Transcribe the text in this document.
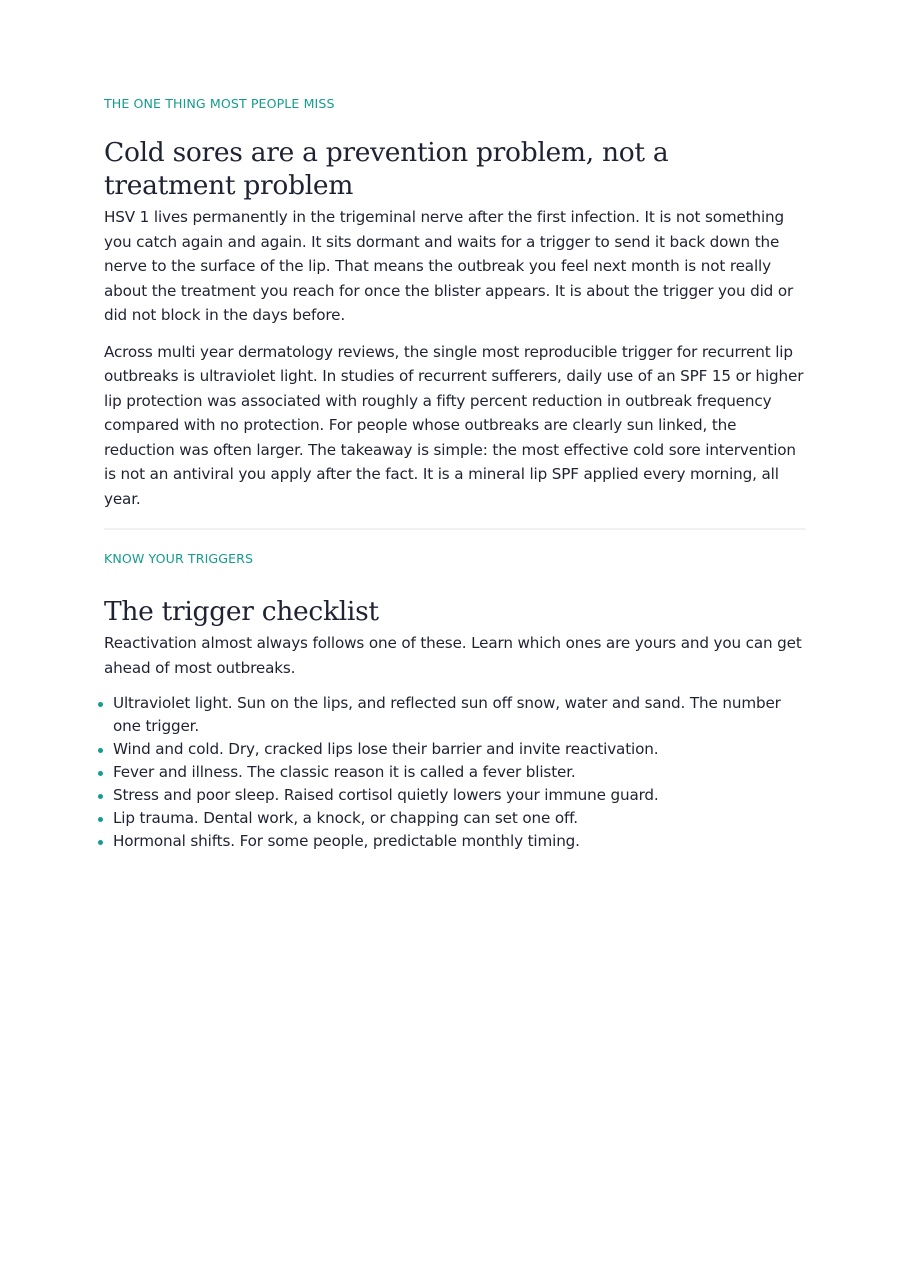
THE ONE THING MOST PEOPLE MISS

Cold sores are a prevention problem, not a treatment problem

HSV 1 lives permanently in the trigeminal nerve after the first infection. It is not something you catch again and again. It sits dormant and waits for a trigger to send it back down the nerve to the surface of the lip. That means the outbreak you feel next month is not really about the treatment you reach for once the blister appears. It is about the trigger you did or did not block in the days before.

Across multi year dermatology reviews, the single most reproducible trigger for recurrent lip outbreaks is ultraviolet light. In studies of recurrent sufferers, daily use of an SPF 15 or higher lip protection was associated with roughly a fifty percent reduction in outbreak frequency compared with no protection. For people whose outbreaks are clearly sun linked, the reduction was often larger. The takeaway is simple: the most effective cold sore intervention is not an antiviral you apply after the fact. It is a mineral lip SPF applied every morning, all year.

KNOW YOUR TRIGGERS

The trigger checklist

Reactivation almost always follows one of these. Learn which ones are yours and you can get ahead of most outbreaks.

Ultraviolet light. Sun on the lips, and reflected sun off snow, water and sand. The number one trigger.
Wind and cold. Dry, cracked lips lose their barrier and invite reactivation.
Fever and illness. The classic reason it is called a fever blister.
Stress and poor sleep. Raised cortisol quietly lowers your immune guard.
Lip trauma. Dental work, a knock, or chapping can set one off.
Hormonal shifts. For some people, predictable monthly timing.
